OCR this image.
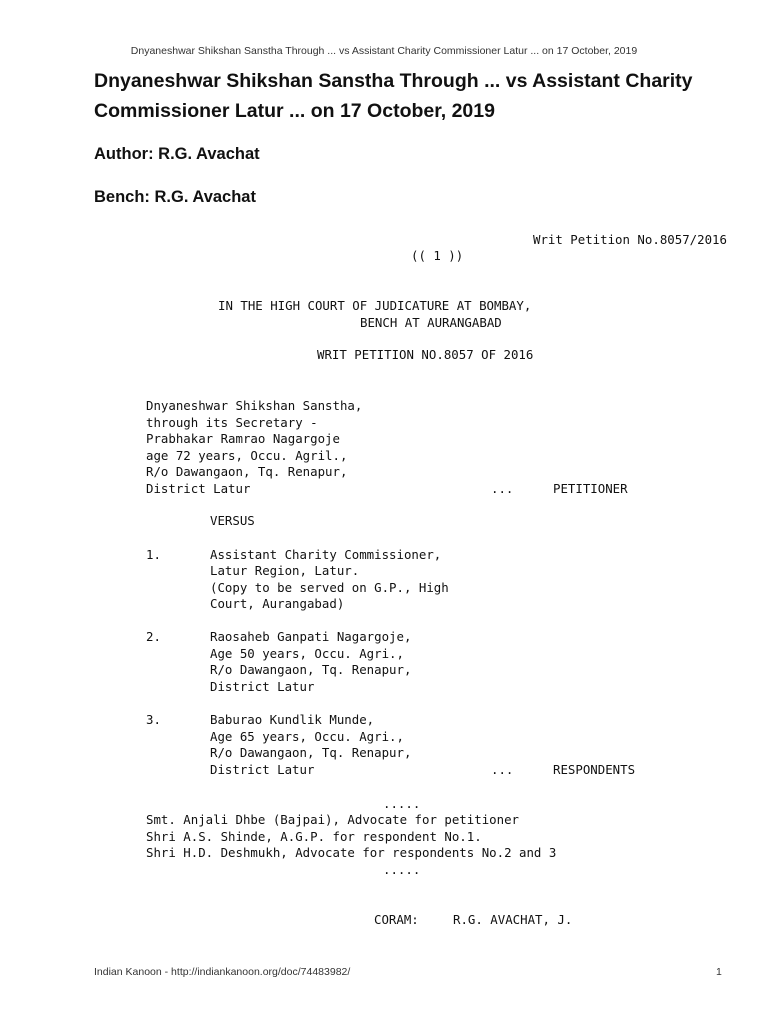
Dnyaneshwar Shikshan Sanstha Through ... vs Assistant Charity Commissioner Latur ... on 17 October, 2019
Dnyaneshwar Shikshan Sanstha Through ... vs Assistant Charity Commissioner Latur ... on 17 October, 2019
Author: R.G. Avachat
Bench: R.G. Avachat
Writ Petition No.8057/2016
(( 1 ))
IN THE HIGH COURT OF JUDICATURE AT BOMBAY,
BENCH AT AURANGABAD
WRIT PETITION NO.8057 OF 2016
Dnyaneshwar Shikshan Sanstha,
through its Secretary -
Prabhakar Ramrao Nagargoje
age 72 years, Occu. Agril.,
R/o Dawangaon, Tq. Renapur,
District Latur	...	PETITIONER
VERSUS
1.	Assistant Charity Commissioner,
Latur Region, Latur.
(Copy to be served on G.P., High
Court, Aurangabad)
2.	Raosaheb Ganpati Nagargoje,
Age 50 years, Occu. Agri.,
R/o Dawangaon, Tq. Renapur,
District Latur
3.	Baburao Kundlik Munde,
Age 65 years, Occu. Agri.,
R/o Dawangaon, Tq. Renapur,
District Latur	...	RESPONDENTS
.....
Smt. Anjali Dhbe (Bajpai), Advocate for petitioner
Shri A.S. Shinde, A.G.P. for respondent No.1.
Shri H.D. Deshmukh, Advocate for respondents No.2 and 3
.....
CORAM:	R.G. AVACHAT, J.
Indian Kanoon - http://indiankanoon.org/doc/74483982/	1
